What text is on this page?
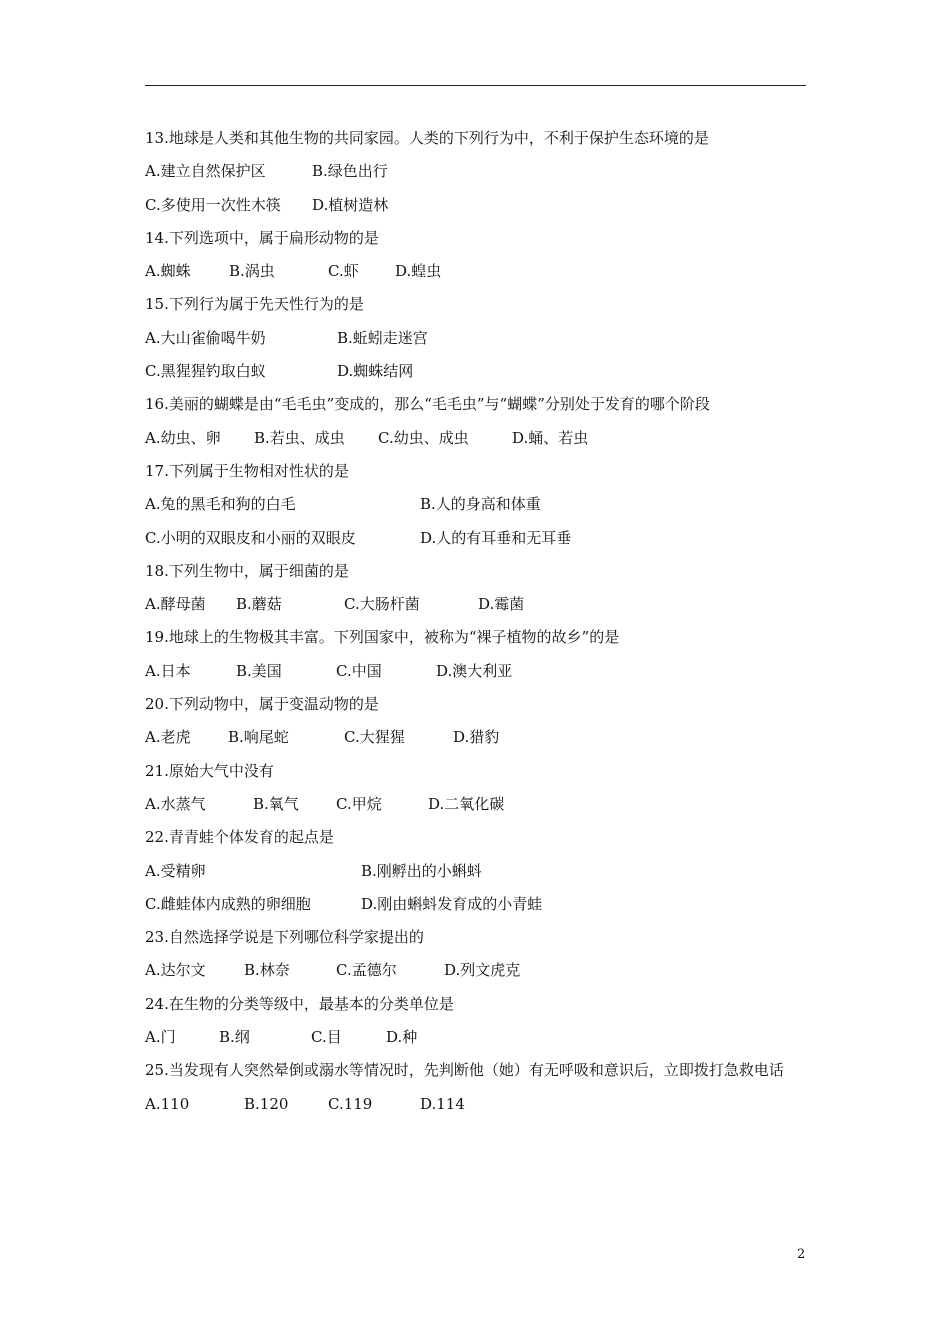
13.地球是人类和其他生物的共同家园。人类的下列行为中，不利于保护生态环境的是
A.建立自然保护区	B.绿色出行
C.多使用一次性木筷 D.植树造林
14.下列选项中，属于扁形动物的是
A.蜘蛛	B.涡虫	C.虾 D.蝗虫
15.下列行为属于先天性行为的是
A.大山雀偷喝牛奶	B.蚯蚓走迷宫
C.黑猩猩钓取白蚁	D.蜘蛛结网
16.美丽的蝴蝶是由“毛毛虫”变成的，那么“毛毛虫”与“蝴蝶”分别处于发育的哪个阶段
A.幼虫、卵 B.若虫、成虫 C.幼虫、成虫	D.蛹、若虫
17.下列属于生物相对性状的是
A.兔的黑毛和狗的白毛	B.人的身高和体重
C.小明的双眼皮和小丽的双眼皮	D.人的有耳垂和无耳垂
18.下列生物中，属于细菌的是
A.酵母菌 B.蘑菇	C.大肠杆菌	D.霉菌
19.地球上的生物极其丰富。下列国家中，被称为“裸子植物的故乡”的是
A.日本	B.美国	C.中国	D.澳大利亚
20.下列动物中，属于变温动物的是
A.老虎 B.响尾蛇	C.大猩猩	D.猎豹
21.原始大气中没有
A.水蒸气	B.氧气 C.甲烷	D.二氧化碳
22.青青蛙个体发育的起点是
A.受精卵	B.刚孵出的小蝌蚪
C.雌蛙体内成熟的卵细胞	D.刚由蝌蚪发育成的小青蛙
23.自然选择学说是下列哪位科学家提出的
A.达尔文	B.林奈	C.孟德尔	D.列文虎克
24.在生物的分类等级中，最基本的分类单位是
A.门	B.纲	C.目	D.种
25.当发现有人突然晕倒或溺水等情况时，先判断他（她）有无呼吸和意识后，立即拨打急救电话
A.110	B.120	C.119	D.114
2
